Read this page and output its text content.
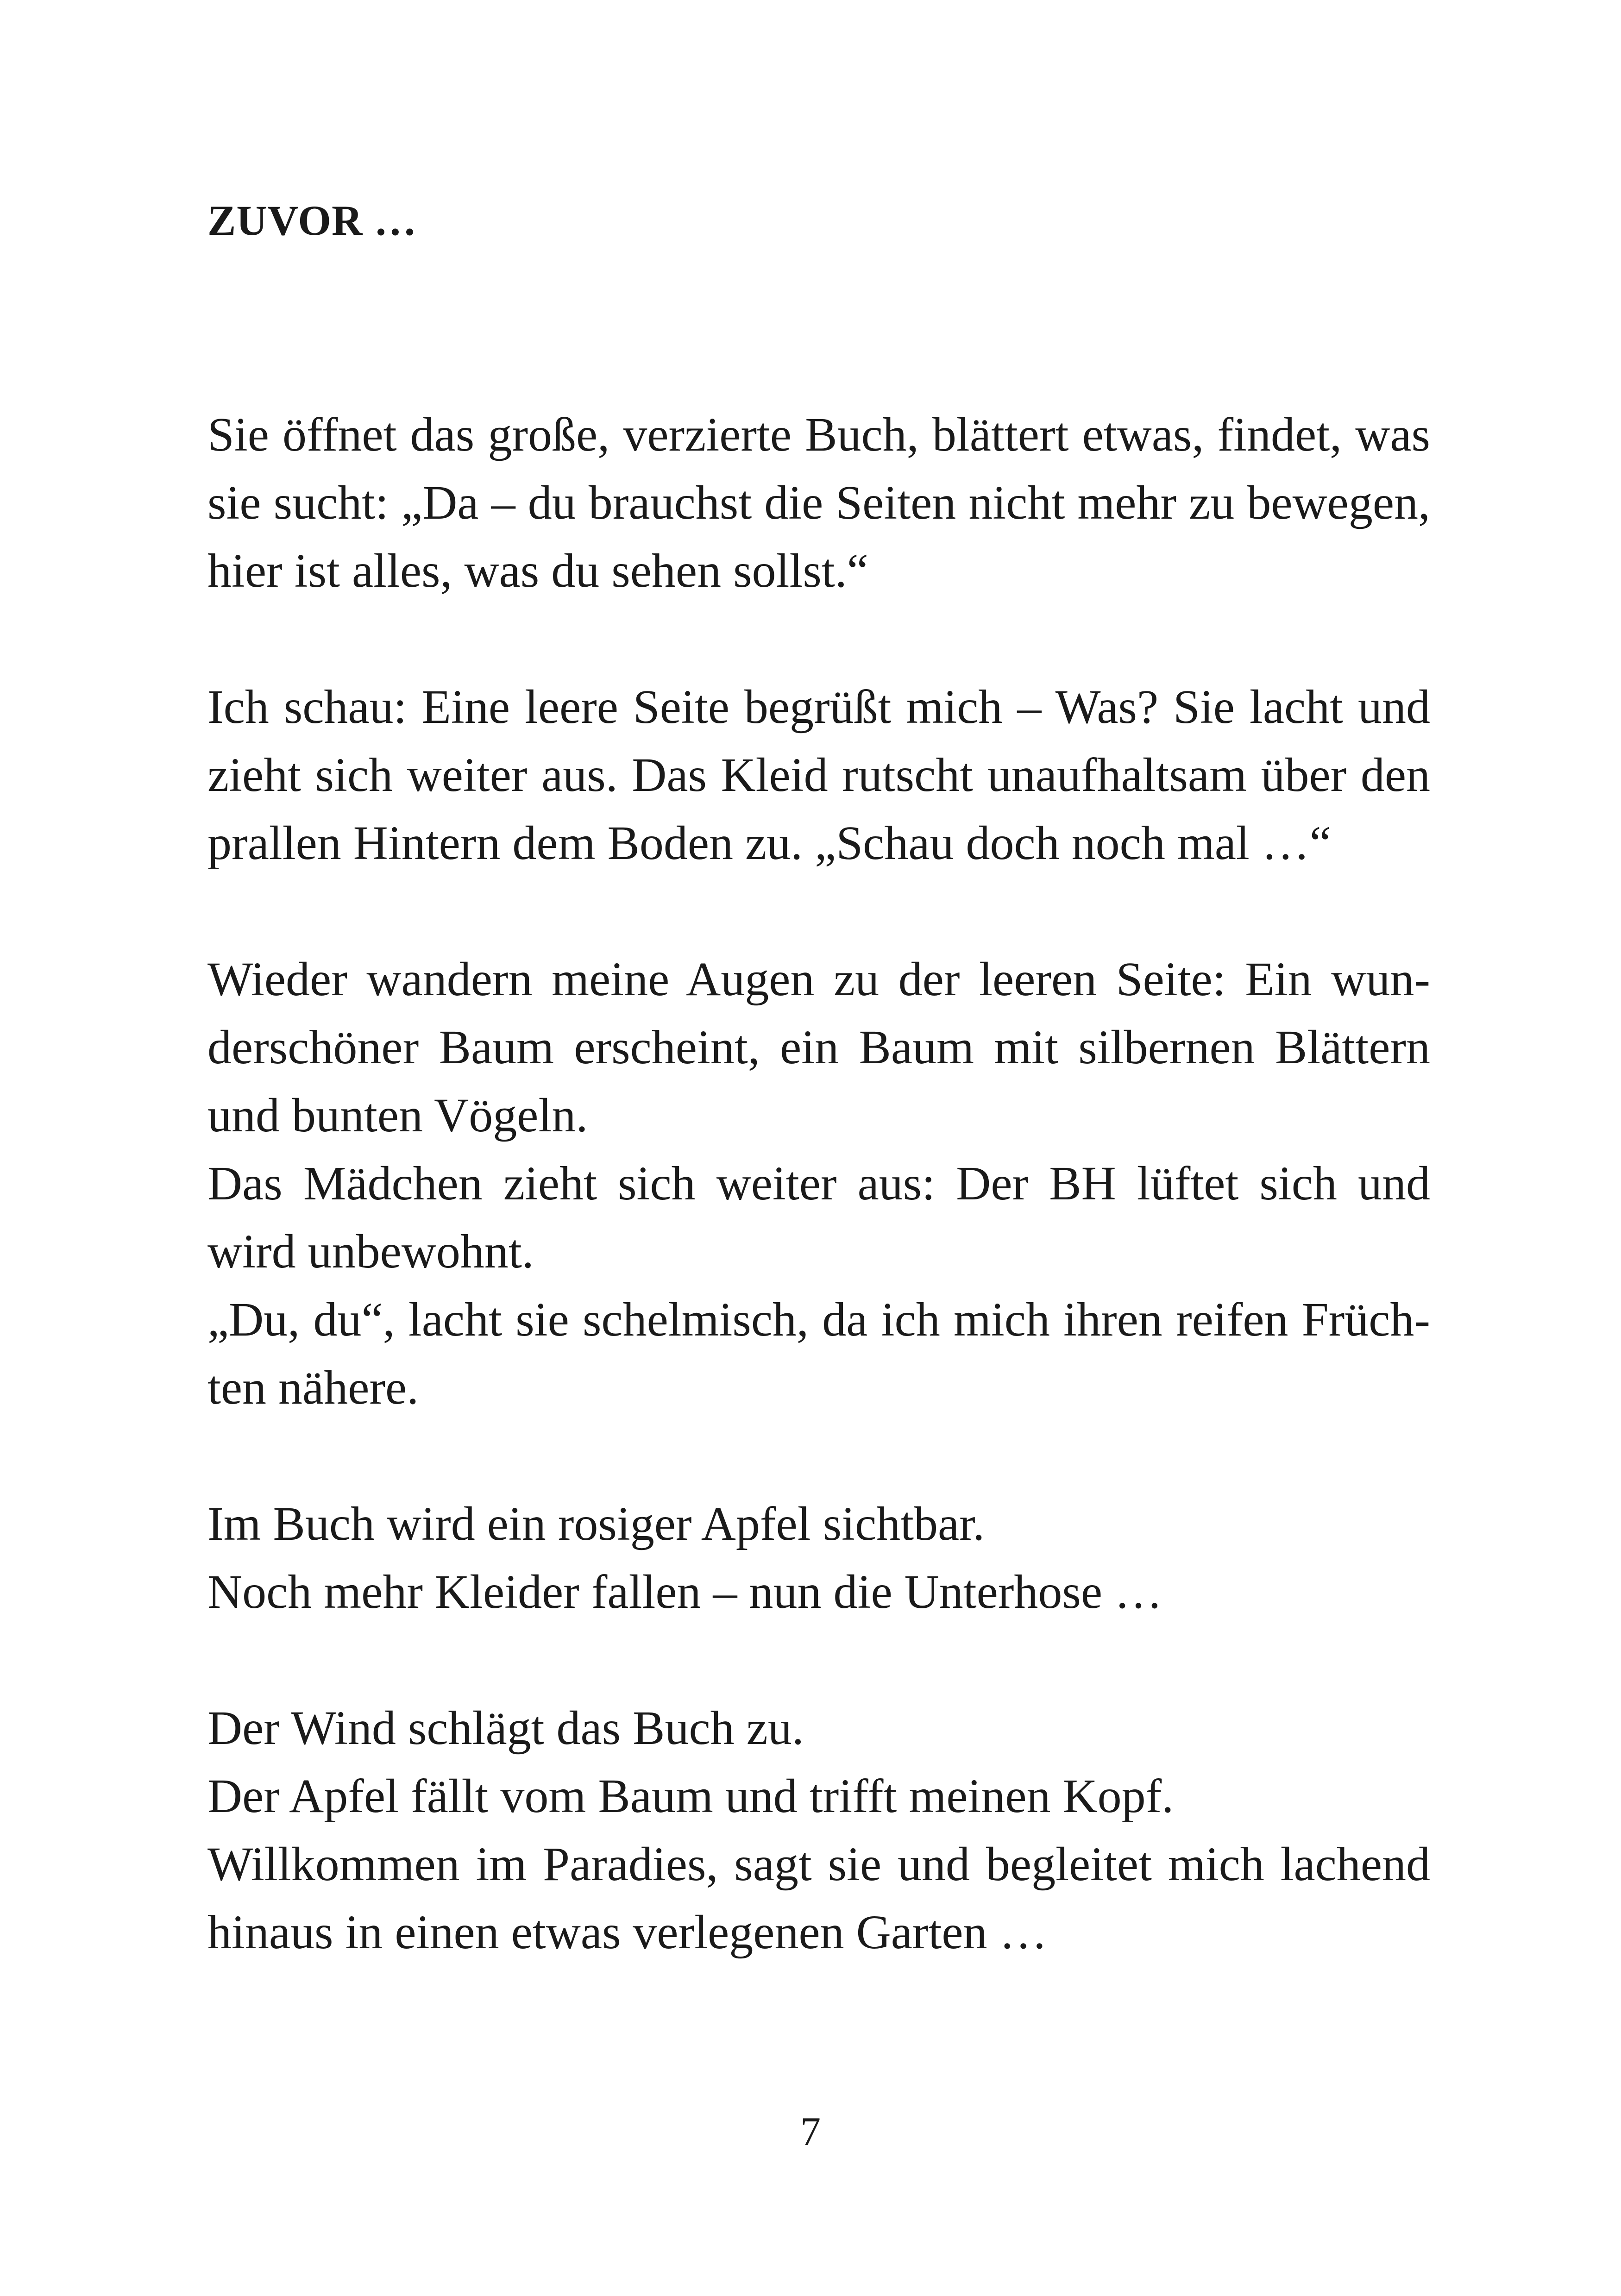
ZUVOR …

Sie öffnet das große, verzierte Buch, blättert etwas, findet, was
sie sucht: „Da – du brauchst die Seiten nicht mehr zu bewegen,
hier ist alles, was du sehen sollst.“

Ich schau: Eine leere Seite begrüßt mich – Was? Sie lacht und
zieht sich weiter aus. Das Kleid rutscht unaufhaltsam über den
prallen Hintern dem Boden zu. „Schau doch noch mal …“

Wieder wandern meine Augen zu der leeren Seite: Ein wun-
derschöner Baum erscheint, ein Baum mit silbernen Blättern
und bunten Vögeln.
Das Mädchen zieht sich weiter aus: Der BH lüftet sich und
wird unbewohnt.
„Du, du“, lacht sie schelmisch, da ich mich ihren reifen Früch-
ten nähere.

Im Buch wird ein rosiger Apfel sichtbar.
Noch mehr Kleider fallen – nun die Unterhose …

Der Wind schlägt das Buch zu.
Der Apfel fällt vom Baum und trifft meinen Kopf.
Willkommen im Paradies, sagt sie und begleitet mich lachend
hinaus in einen etwas verlegenen Garten …

7
